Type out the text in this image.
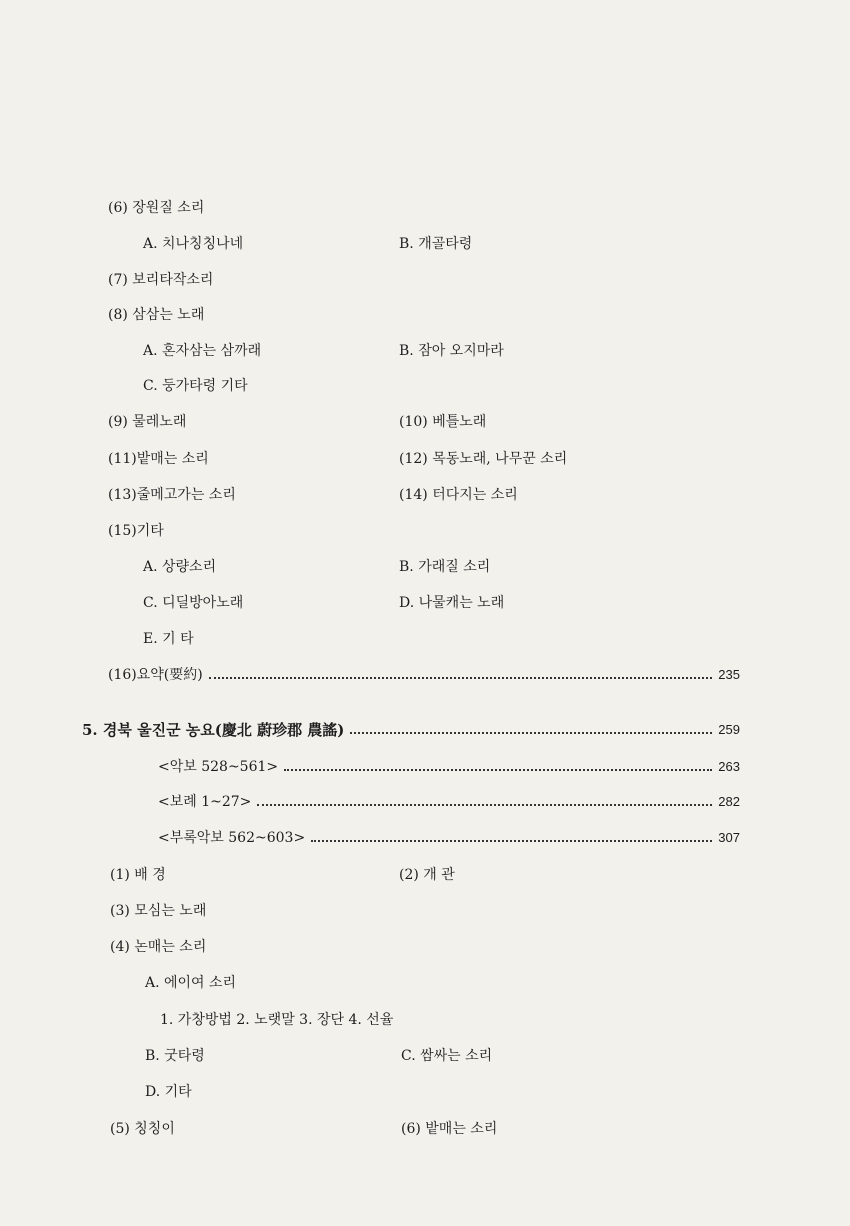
(6) 장원질 소리
A. 치나칭칭나네	B. 개골타령
(7) 보리타작소리
(8) 삼삼는 노래
A. 혼자삼는 삼까래	B. 잠아 오지마라
C. 둥가타령 기타
(9) 물레노래	(10) 베틀노래
(11)밭매는 소리	(12) 목동노래, 나무꾼 소리
(13)줄메고가는 소리	(14) 터다지는 소리
(15)기타
A. 상량소리	B. 가래질 소리
C. 디딜방아노래	D. 나물캐는 노래
E. 기 타
(16)요약(要約)	235
5. 경북 울진군 농요(慶北 蔚珍郡 農謠)	259
<악보 528~561>	263
<보례 1~27>	282
<부록악보 562~603>	307
(1) 배 경	(2) 개 관
(3) 모심는 노래
(4) 논매는 소리
A. 에이여 소리
1. 가창방법 2. 노랫말 3. 장단 4. 선율
B. 굿타령	C. 쌈싸는 소리
D. 기타
(5) 칭칭이	(6) 밭매는 소리
